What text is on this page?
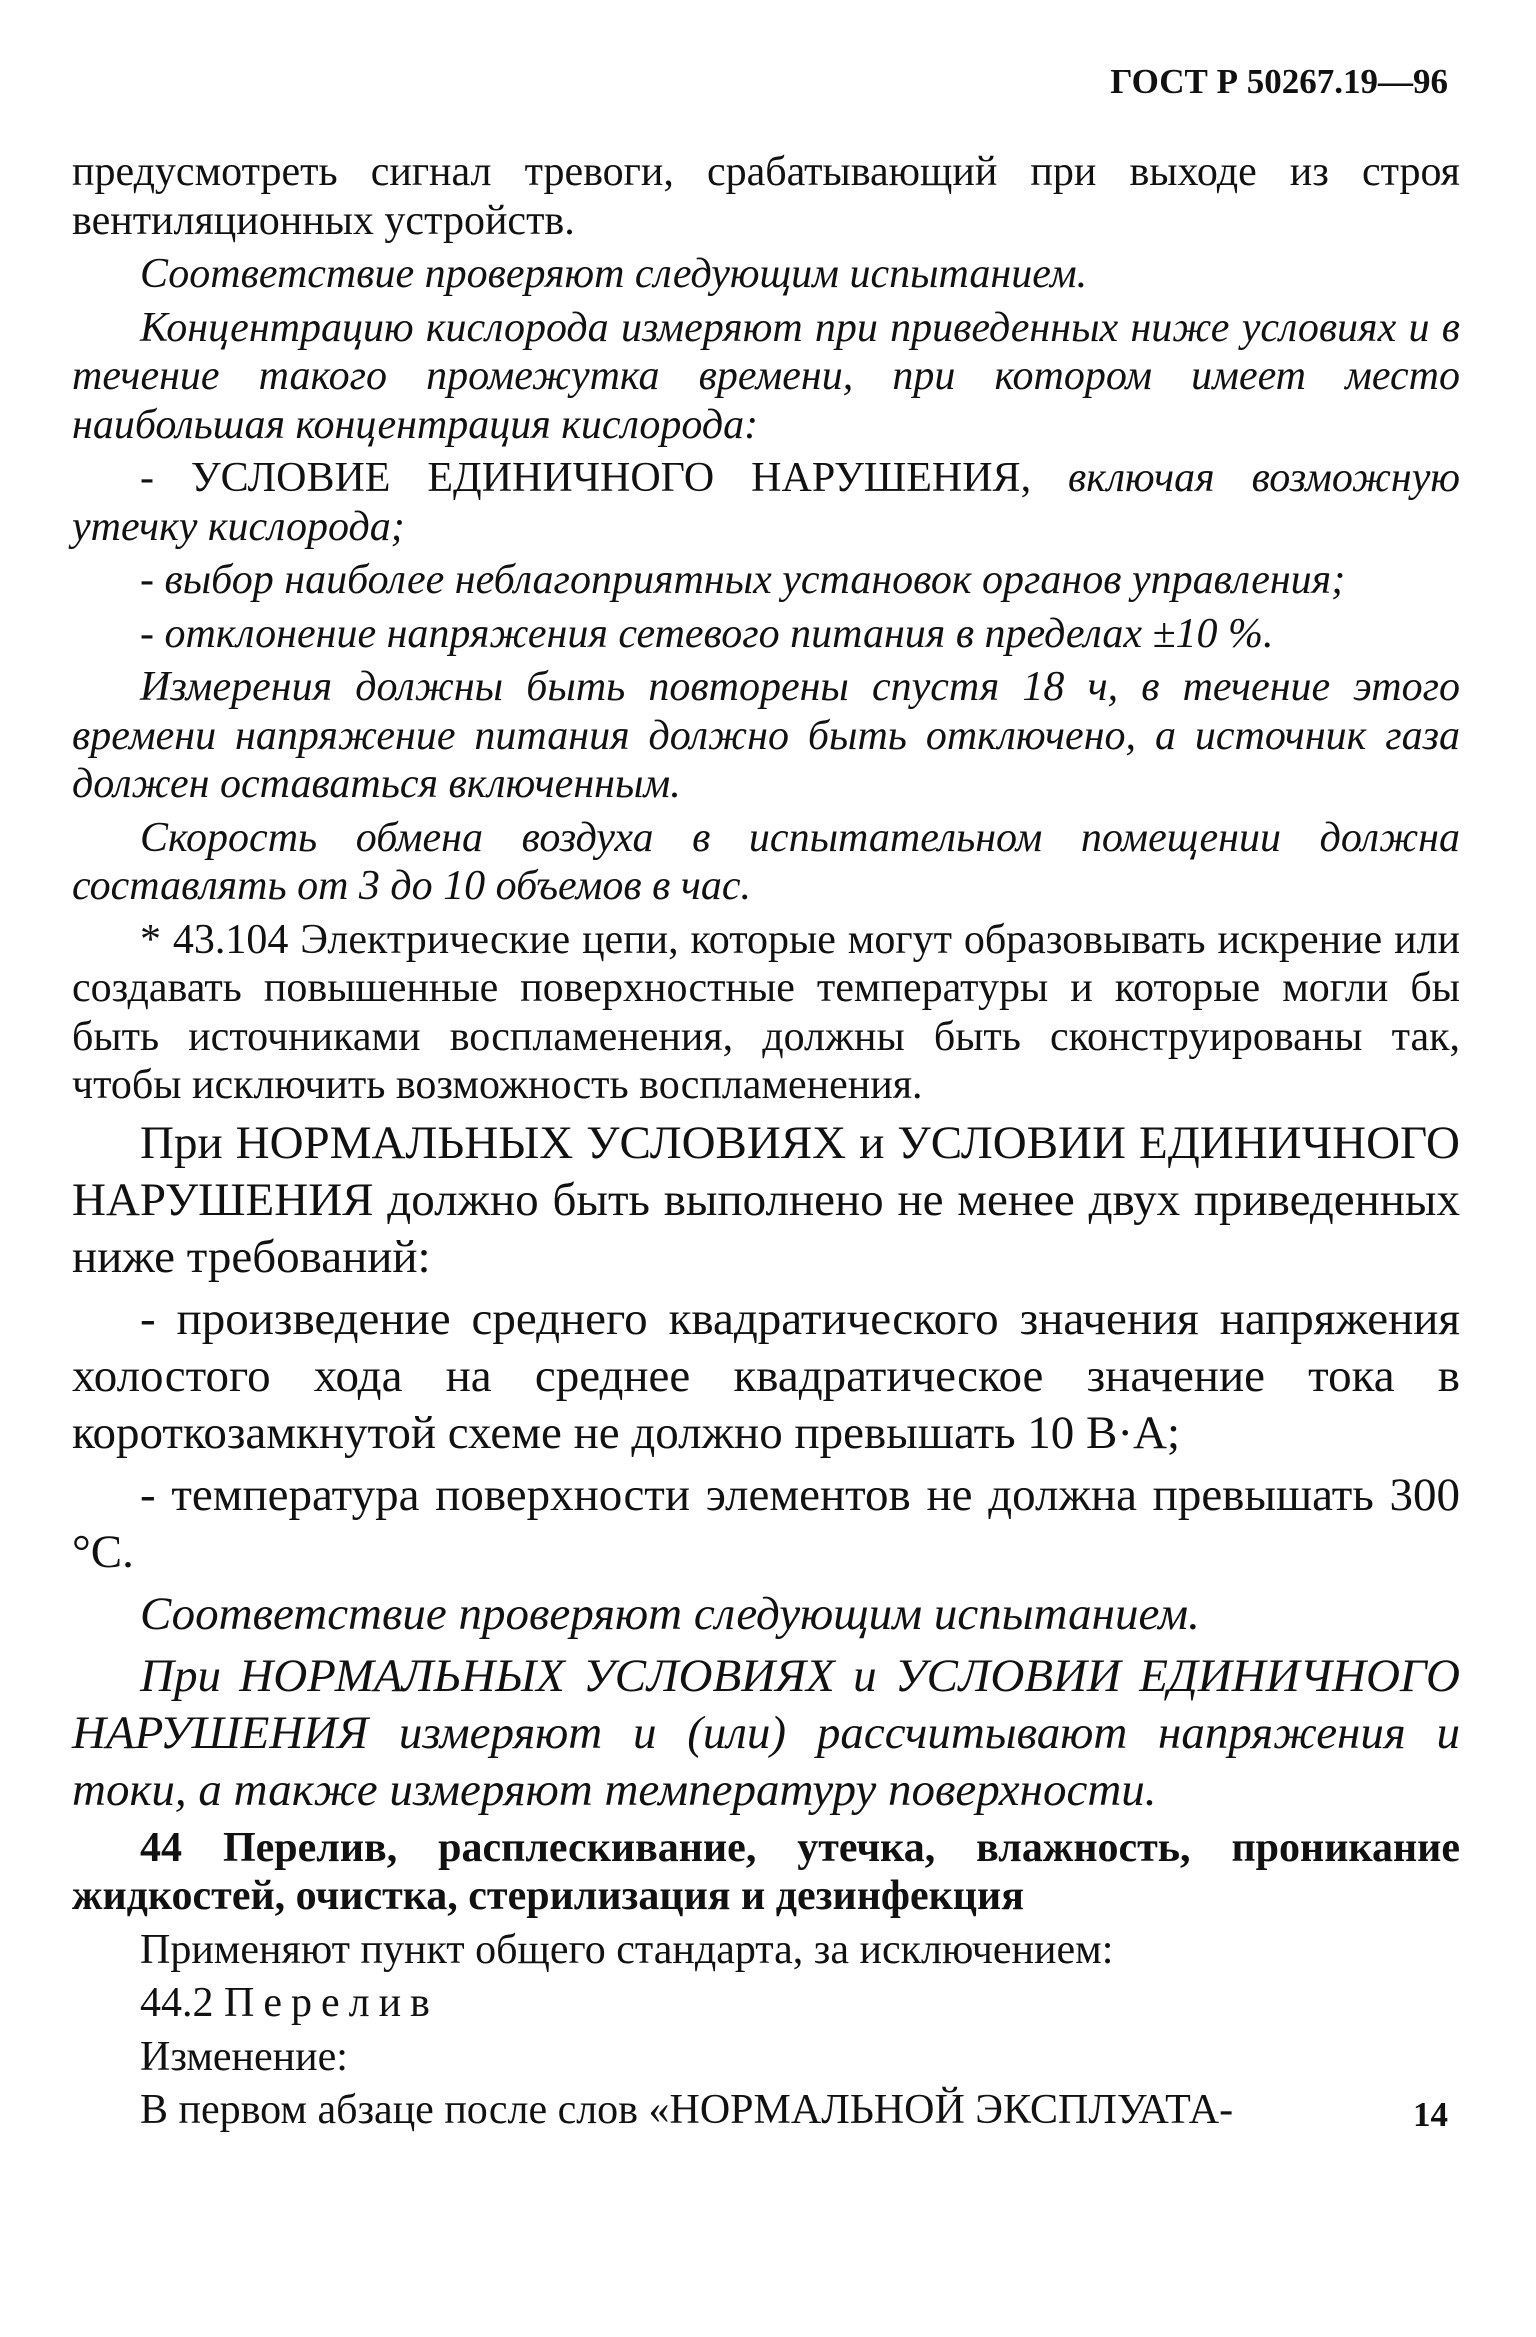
ГОСТ Р 50267.19—96

предусмотреть сигнал тревоги, срабатывающий при выходе из строя вентиляционных устройств.

Соответствие проверяют следующим испытанием.

Концентрацию кислорода измеряют при приведенных ниже условиях и в течение такого промежутка времени, при котором имеет место наибольшая концентрация кислорода:

- УСЛОВИЕ ЕДИНИЧНОГО НАРУШЕНИЯ, включая возможную утечку кислорода;

- выбор наиболее неблагоприятных установок органов управления;

- отклонение напряжения сетевого питания в пределах ±10 %.

Измерения должны быть повторены спустя 18 ч, в течение этого времени напряжение питания должно быть отключено, а источник газа должен оставаться включенным.

Скорость обмена воздуха в испытательном помещении должна составлять от 3 до 10 объемов в час.

* 43.104 Электрические цепи, которые могут образовывать искрение или создавать повышенные поверхностные температуры и которые могли бы быть источниками воспламенения, должны быть сконструированы так, чтобы исключить возможность воспламенения.

При НОРМАЛЬНЫХ УСЛОВИЯХ и УСЛОВИИ ЕДИНИЧНОГО НАРУШЕНИЯ должно быть выполнено не менее двух приведенных ниже требований:

- произведение среднего квадратического значения напряжения холостого хода на среднее квадратическое значение тока в короткозамкнутой схеме не должно превышать 10 В·А;

- температура поверхности элементов не должна превышать 300 °С.

Соответствие проверяют следующим испытанием.

При НОРМАЛЬНЫХ УСЛОВИЯХ и УСЛОВИИ ЕДИНИЧНОГО НАРУШЕНИЯ измеряют и (или) рассчитывают напряжения и токи, а также измеряют температуру поверхности.

44 Перелив, расплескивание, утечка, влажность, проникание жидкостей, очистка, стерилизация и дезинфекция

Применяют пункт общего стандарта, за исключением:

44.2 Перелив

Изменение:

В первом абзаце после слов «НОРМАЛЬНОЙ ЭКСПЛУАТА-	14
